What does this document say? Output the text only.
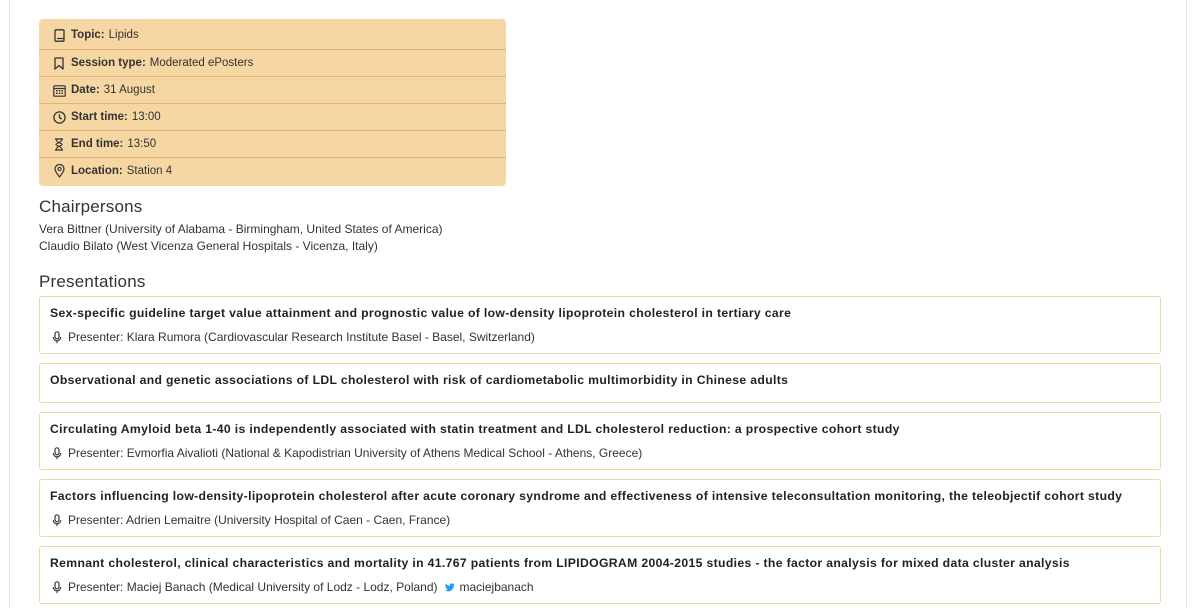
Topic: Lipids
Session type: Moderated ePosters
Date: 31 August
Start time: 13:00
End time: 13:50
Location: Station 4
Chairpersons
Vera Bittner (University of Alabama - Birmingham, United States of America)
Claudio Bilato (West Vicenza General Hospitals - Vicenza, Italy)
Presentations
Sex-specific guideline target value attainment and prognostic value of low-density lipoprotein cholesterol in tertiary care
Presenter: Klara Rumora (Cardiovascular Research Institute Basel - Basel, Switzerland)
Observational and genetic associations of LDL cholesterol with risk of cardiometabolic multimorbidity in Chinese adults
Circulating Amyloid beta 1-40 is independently associated with statin treatment and LDL cholesterol reduction: a prospective cohort study
Presenter: Evmorfia Aivalioti (National & Kapodistrian University of Athens Medical School - Athens, Greece)
Factors influencing low-density-lipoprotein cholesterol after acute coronary syndrome and effectiveness of intensive teleconsultation monitoring, the teleobjectif cohort study
Presenter: Adrien Lemaitre (University Hospital of Caen - Caen, France)
Remnant cholesterol, clinical characteristics and mortality in 41.767 patients from LIPIDOGRAM 2004-2015 studies - the factor analysis for mixed data cluster analysis
Presenter: Maciej Banach (Medical University of Lodz - Lodz, Poland) maciejbanach
